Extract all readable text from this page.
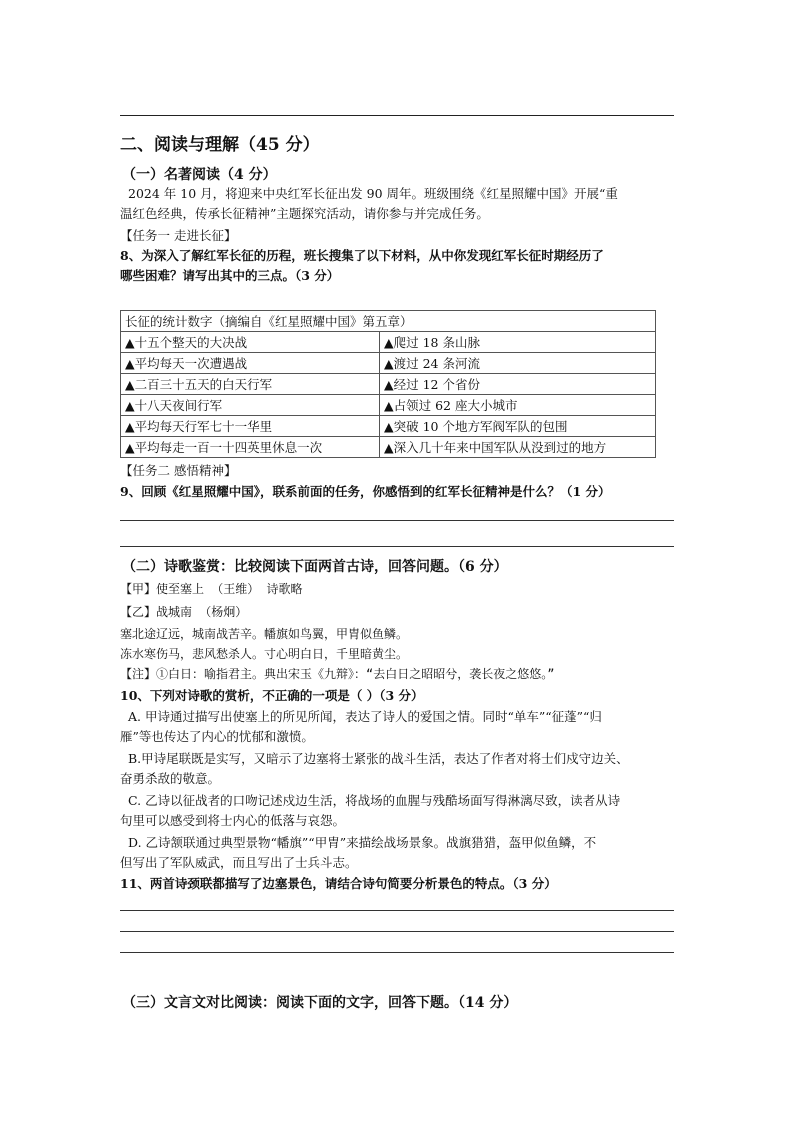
二、阅读与理解（45 分）
（一）名著阅读（4 分）
2024 年 10 月，将迎来中央红军长征出发 90 周年。班级围绕《红星照耀中国》开展“重
温红色经典，传承长征精神”主题探究活动，请你参与并完成任务。
【任务一 走进长征】
8、为深入了解红军长征的历程，班长搜集了以下材料，从中你发现红军长征时期经历了
哪些困难？请写出其中的三点。（3 分）
长征的统计数字（摘编自《红星照耀中国》第五章）	
▲十五个整天的大决战	▲爬过 18 条山脉
▲平均每天一次遭遇战	▲渡过 24 条河流
▲二百三十五天的白天行军	▲经过 12 个省份
▲十八天夜间行军	▲占领过 62 座大小城市
▲平均每天行军七十一华里	▲突破 10 个地方军阀军队的包围
▲平均每走一百一十四英里休息一次	▲深入几十年来中国军队从没到过的地方
【任务二 感悟精神】
9、回顾《红星照耀中国》，联系前面的任务，你感悟到的红军长征精神是什么？（1 分）
（二）诗歌鉴赏：比较阅读下面两首古诗，回答问题。（6 分）
【甲】使至塞上 （王维） 诗歌略
【乙】战城南 （杨炯）
塞北途辽远，城南战苦辛。幡旗如鸟翼，甲胄似鱼鳞。
冻水寒伤马，悲风愁杀人。寸心明白日，千里暗黄尘。
【注】①白日：喻指君主。典出宋玉《九辩》：“去白日之昭昭兮，袭长夜之悠悠。”
10、下列对诗歌的赏析，不正确的一项是（ ）（3 分）
A. 甲诗通过描写出使塞上的所见所闻，表达了诗人的爱国之情。同时“单车”“征蓬”“归
雁”等也传达了内心的忧郁和激愤。
B.甲诗尾联既是实写，又暗示了边塞将士紧张的战斗生活，表达了作者对将士们戍守边关、
奋勇杀敌的敬意。
C. 乙诗以征战者的口吻记述戍边生活，将战场的血腥与残酷场面写得淋漓尽致，读者从诗
句里可以感受到将士内心的低落与哀怨。
D. 乙诗颔联通过典型景物“幡旗”“甲胄”来描绘战场景象。战旗猎猎，盔甲似鱼鳞，不
但写出了军队威武，而且写出了士兵斗志。
11、两首诗颈联都描写了边塞景色，请结合诗句简要分析景色的特点。（3 分）
（三）文言文对比阅读：阅读下面的文字，回答下题。（14 分）
